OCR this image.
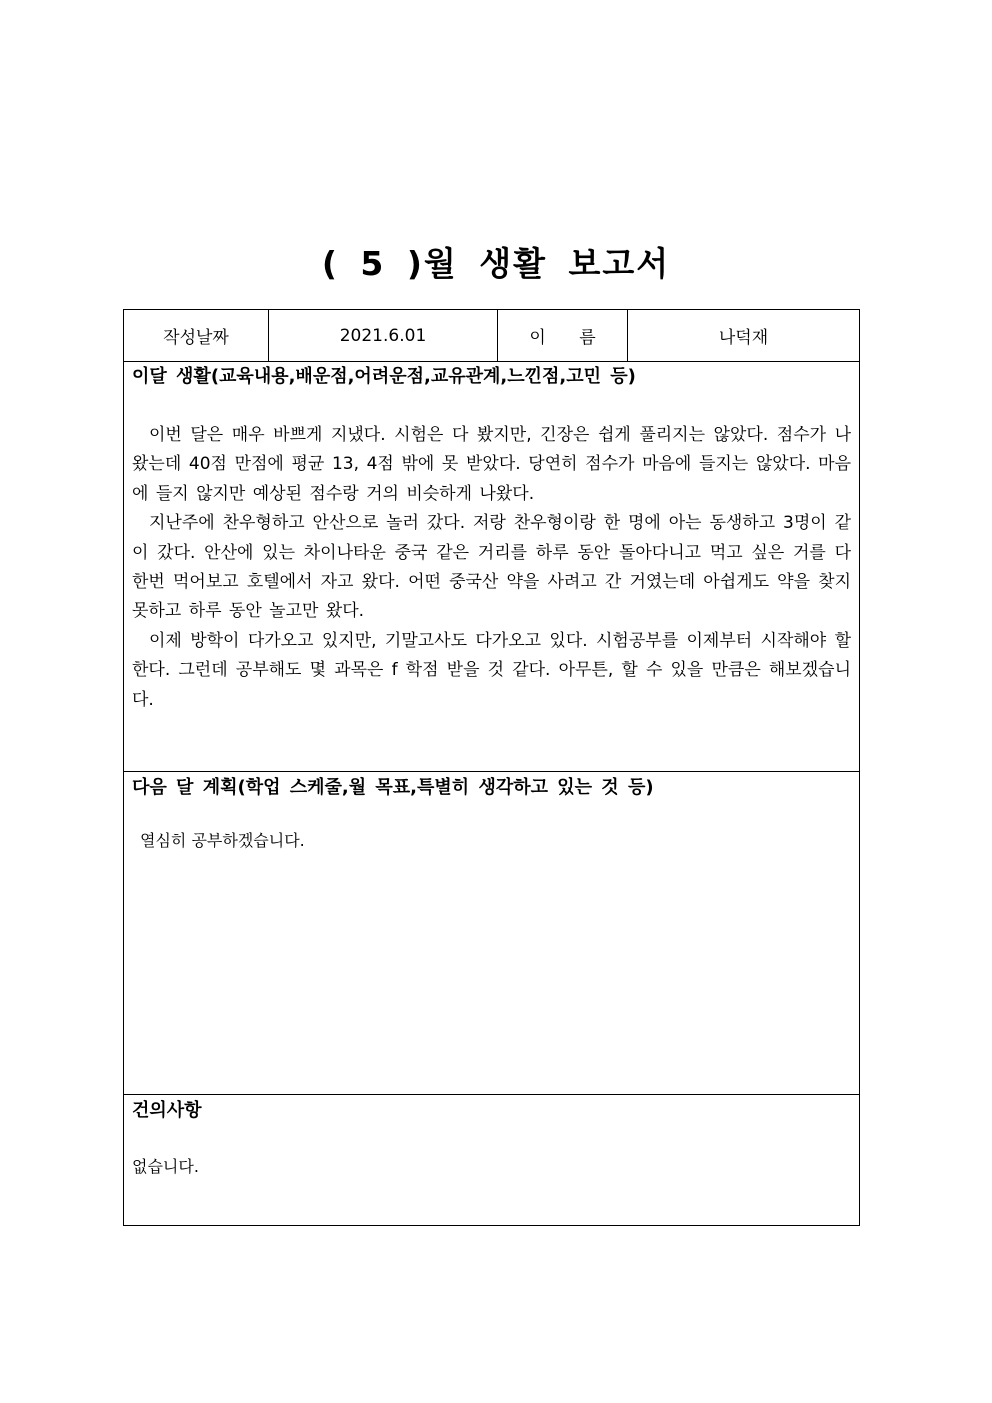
( 5 )월 생활 보고서
작성날짜	2021.6.01	이 름	나덕재
이달 생활(교육내용,배운점,어려운점,교유관계,느낀점,고민 등)
이번 달은 매우 바쁘게 지냈다. 시험은 다 봤지만, 긴장은 쉽게 풀리지는 않았다. 점수가 나왔는데 40점 만점에 평균 13, 4점 밖에 못 받았다. 당연히 점수가 마음에 들지는 않았다. 마음에 들지 않지만 예상된 점수랑 거의 비슷하게 나왔다.
지난주에 찬우형하고 안산으로 놀러 갔다. 저랑 찬우형이랑 한 명에 아는 동생하고 3명이 같이 갔다. 안산에 있는 차이나타운 중국 같은 거리를 하루 동안 돌아다니고 먹고 싶은 거를 다 한번 먹어보고 호텔에서 자고 왔다. 어떤 중국산 약을 사려고 간 거였는데 아쉽게도 약을 찾지 못하고 하루 동안 놀고만 왔다.
이제 방학이 다가오고 있지만, 기말고사도 다가오고 있다. 시험공부를 이제부터 시작해야 할 한다. 그런데 공부해도 몇 과목은 f 학점 받을 것 같다. 아무튼, 할 수 있을 만큼은 해보겠습니다.
다음 달 계획(학업 스케줄,월 목표,특별히 생각하고 있는 것 등)
열심히 공부하겠습니다.
건의사항
없습니다.
